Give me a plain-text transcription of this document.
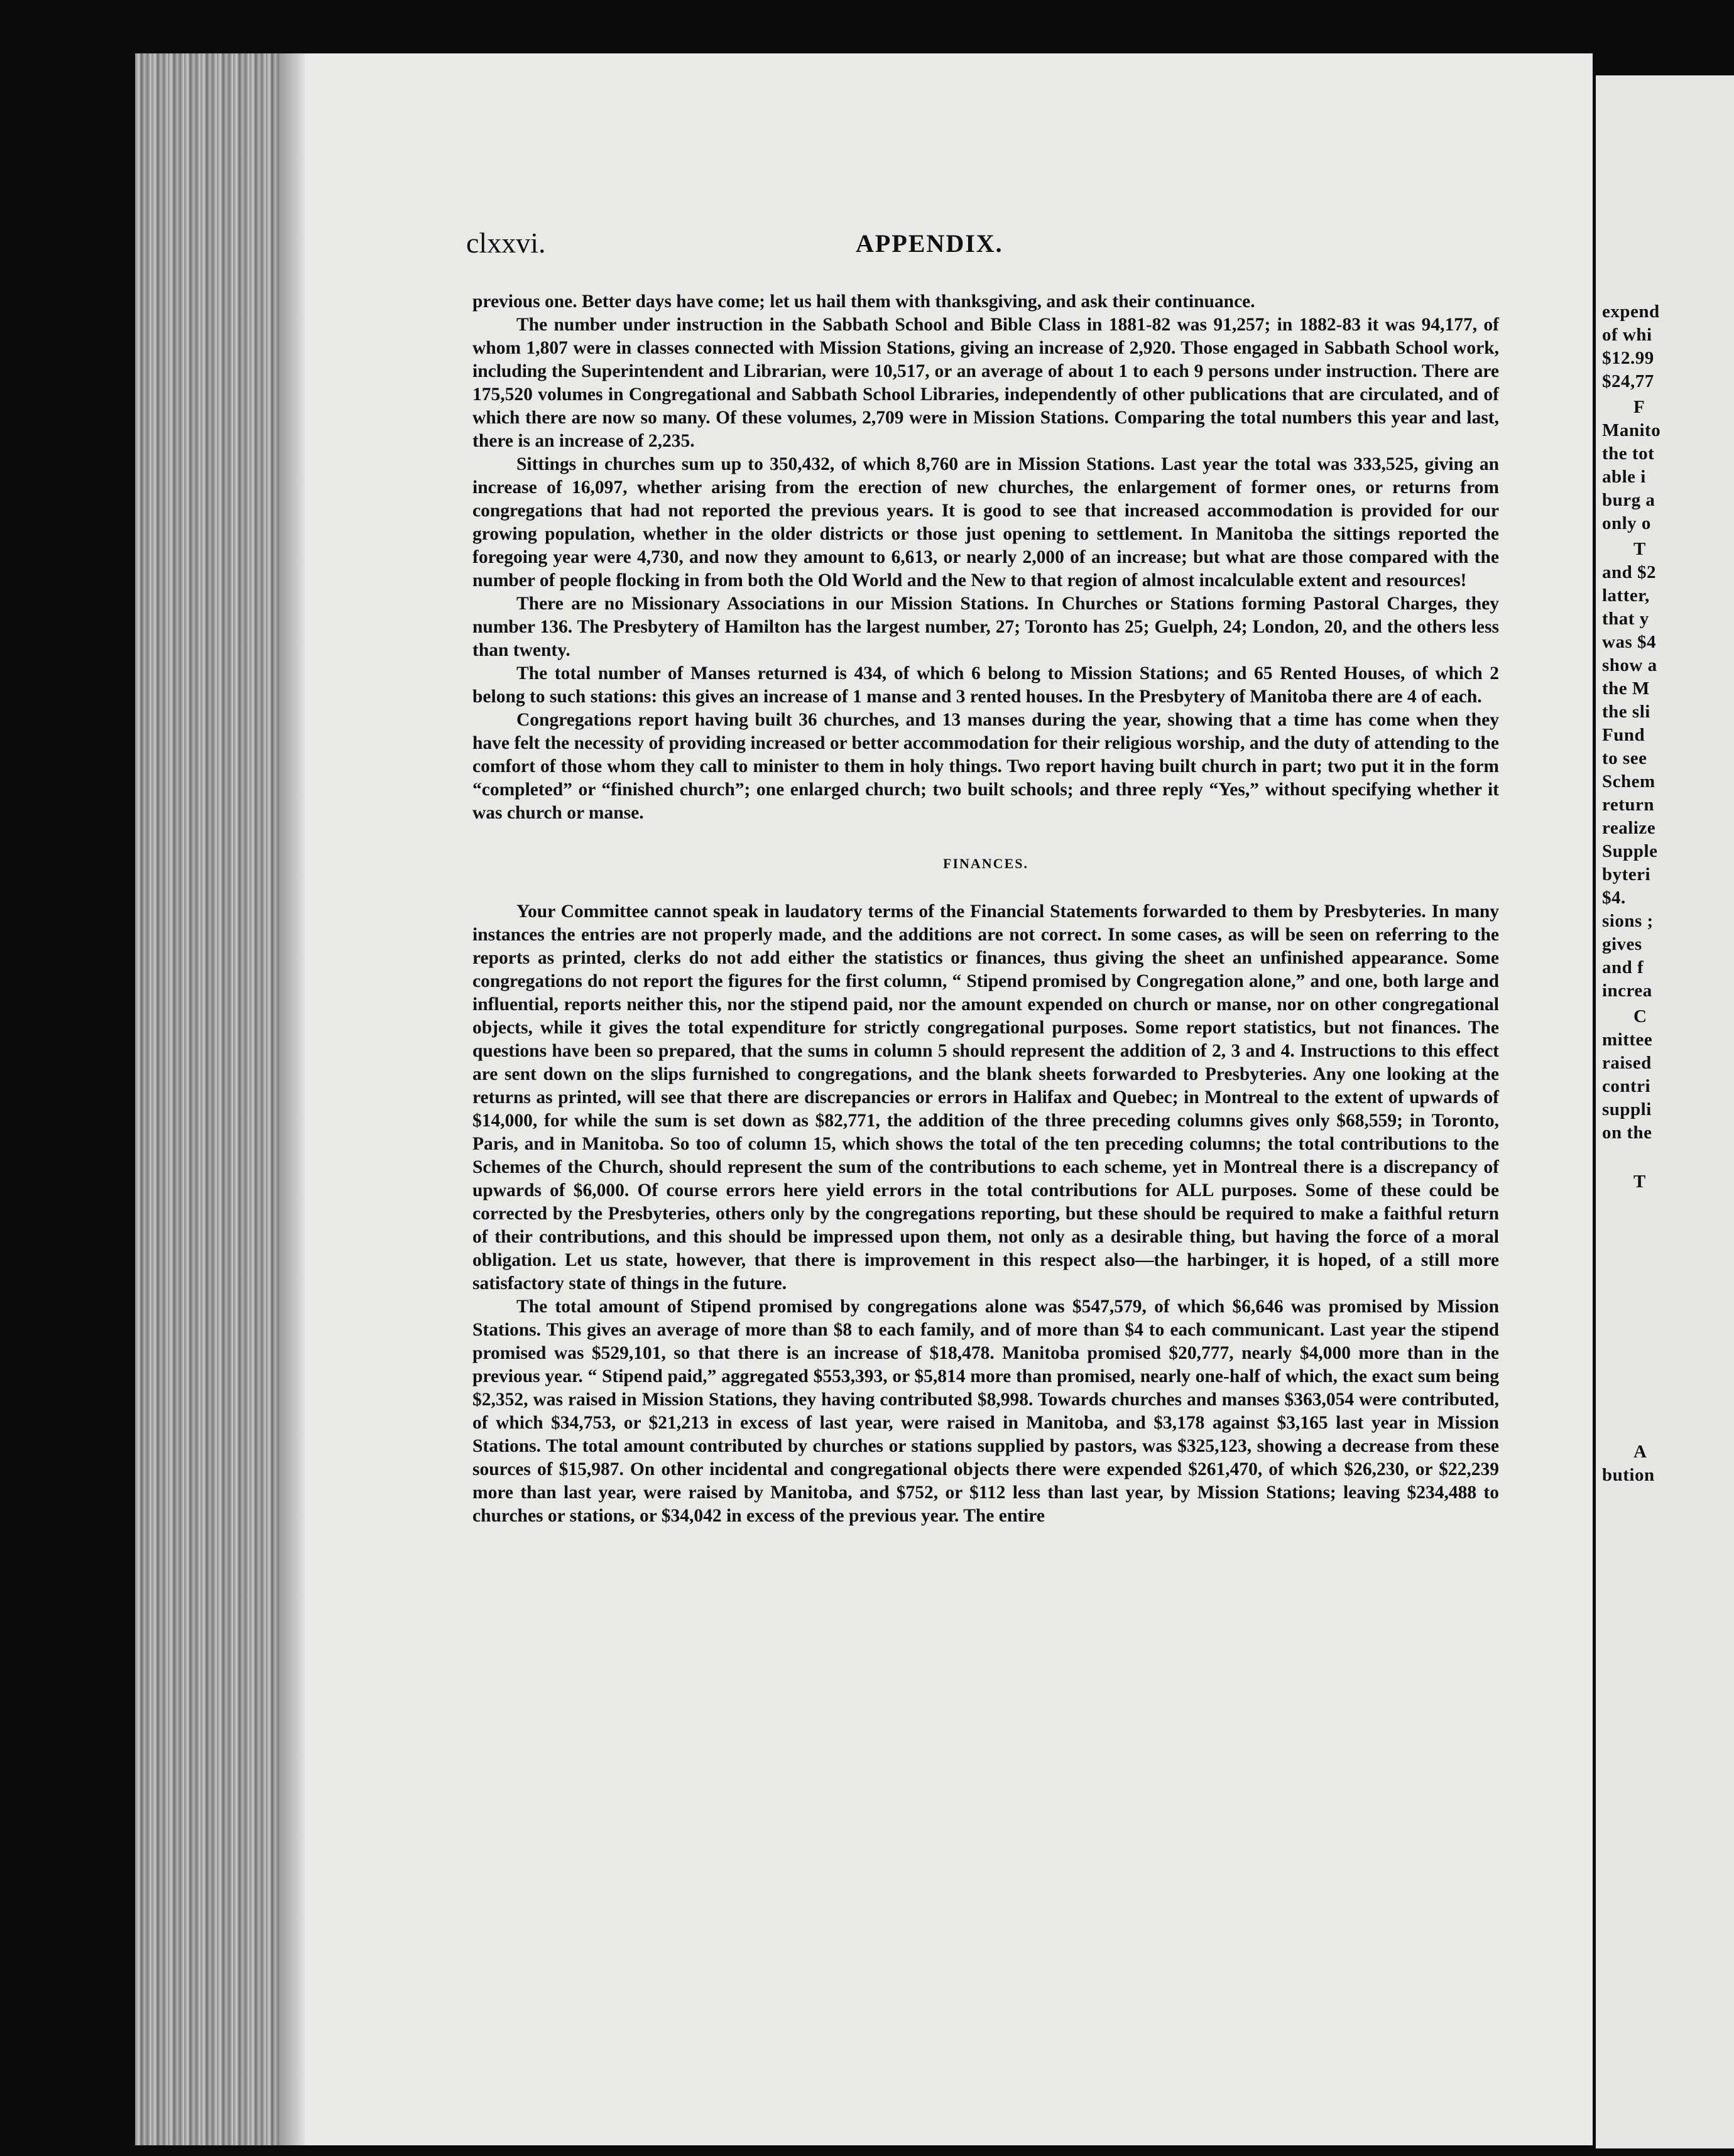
clxxvi.	APPENDIX.

previous one. Better days have come; let us hail them with thanksgiving, and ask their continuance.

The number under instruction in the Sabbath School and Bible Class in 1881-82 was 91,257; in 1882-83 it was 94,177, of whom 1,807 were in classes connected with Mission Stations, giving an increase of 2,920. Those engaged in Sabbath School work, including the Superintendent and Librarian, were 10,517, or an average of about 1 to each 9 persons under instruction. There are 175,520 volumes in Congregational and Sabbath School Libraries, independently of other publications that are circulated, and of which there are now so many. Of these volumes, 2,709 were in Mission Stations. Comparing the total numbers this year and last, there is an increase of 2,235.

Sittings in churches sum up to 350,432, of which 8,760 are in Mission Stations. Last year the total was 333,525, giving an increase of 16,097, whether arising from the erection of new churches, the enlargement of former ones, or returns from congregations that had not reported the previous years. It is good to see that increased accommodation is provided for our growing population, whether in the older districts or those just opening to settlement. In Manitoba the sittings reported the foregoing year were 4,730, and now they amount to 6,613, or nearly 2,000 of an increase; but what are those compared with the number of people flocking in from both the Old World and the New to that region of almost incalculable extent and resources!

There are no Missionary Associations in our Mission Stations. In Churches or Stations forming Pastoral Charges, they number 136. The Presbytery of Hamilton has the largest number, 27; Toronto has 25; Guelph, 24; London, 20, and the others less than twenty.

The total number of Manses returned is 434, of which 6 belong to Mission Stations; and 65 Rented Houses, of which 2 belong to such stations: this gives an increase of 1 manse and 3 rented houses. In the Presbytery of Manitoba there are 4 of each.

Congregations report having built 36 churches, and 13 manses during the year, showing that a time has come when they have felt the necessity of providing increased or better accommodation for their religious worship, and the duty of attending to the comfort of those whom they call to minister to them in holy things. Two report having built church in part; two put it in the form “completed” or “finished church”; one enlarged church; two built schools; and three reply “Yes,” without specifying whether it was church or manse.

FINANCES.

Your Committee cannot speak in laudatory terms of the Financial Statements forwarded to them by Presbyteries. In many instances the entries are not properly made, and the additions are not correct. In some cases, as will be seen on referring to the reports as printed, clerks do not add either the statistics or finances, thus giving the sheet an unfinished appearance. Some congregations do not report the figures for the first column, “ Stipend promised by Congregation alone,” and one, both large and influential, reports neither this, nor the stipend paid, nor the amount expended on church or manse, nor on other congregational objects, while it gives the total expenditure for strictly congregational purposes. Some report statistics, but not finances. The questions have been so prepared, that the sums in column 5 should represent the addition of 2, 3 and 4. Instructions to this effect are sent down on the slips furnished to congregations, and the blank sheets forwarded to Presbyteries. Any one looking at the returns as printed, will see that there are discrepancies or errors in Halifax and Quebec; in Montreal to the extent of upwards of $14,000, for while the sum is set down as $82,771, the addition of the three preceding columns gives only $68,559; in Toronto, Paris, and in Manitoba. So too of column 15, which shows the total of the ten preceding columns; the total contributions to the Schemes of the Church, should represent the sum of the contributions to each scheme, yet in Montreal there is a discrepancy of upwards of $6,000. Of course errors here yield errors in the total contributions for ALL purposes. Some of these could be corrected by the Presbyteries, others only by the congregations reporting, but these should be required to make a faithful return of their contributions, and this should be impressed upon them, not only as a desirable thing, but having the force of a moral obligation. Let us state, however, that there is improvement in this respect also—the harbinger, it is hoped, of a still more satisfactory state of things in the future.

The total amount of Stipend promised by congregations alone was $547,579, of which $6,646 was promised by Mission Stations. This gives an average of more than $8 to each family, and of more than $4 to each communicant. Last year the stipend promised was $529,101, so that there is an increase of $18,478. Manitoba promised $20,777, nearly $4,000 more than in the previous year. “ Stipend paid,” aggregated $553,393, or $5,814 more than promised, nearly one-half of which, the exact sum being $2,352, was raised in Mission Stations, they having contributed $8,998. Towards churches and manses $363,054 were contributed, of which $34,753, or $21,213 in excess of last year, were raised in Manitoba, and $3,178 against $3,165 last year in Mission Stations. The total amount contributed by churches or stations supplied by pastors, was $325,123, showing a decrease from these sources of $15,987. On other incidental and congregational objects there were expended $261,470, of which $26,230, or $22,239 more than last year, were raised by Manitoba, and $752, or $112 less than last year, by Mission Stations; leaving $234,488 to churches or stations, or $34,042 in excess of the previous year. The entire

expend
of whi
$12.99
$24,77
F
Manito
the tot
able i
burg a
only o
T
and $2
latter,
that y
was $4
show a
the M
the sli
Fund
to see
Schem
return
realize
Supple
byteri
$4.
sions ;
gives
and f
increa
C
mittee
raised
contri
suppli
on the
T
A
bution
